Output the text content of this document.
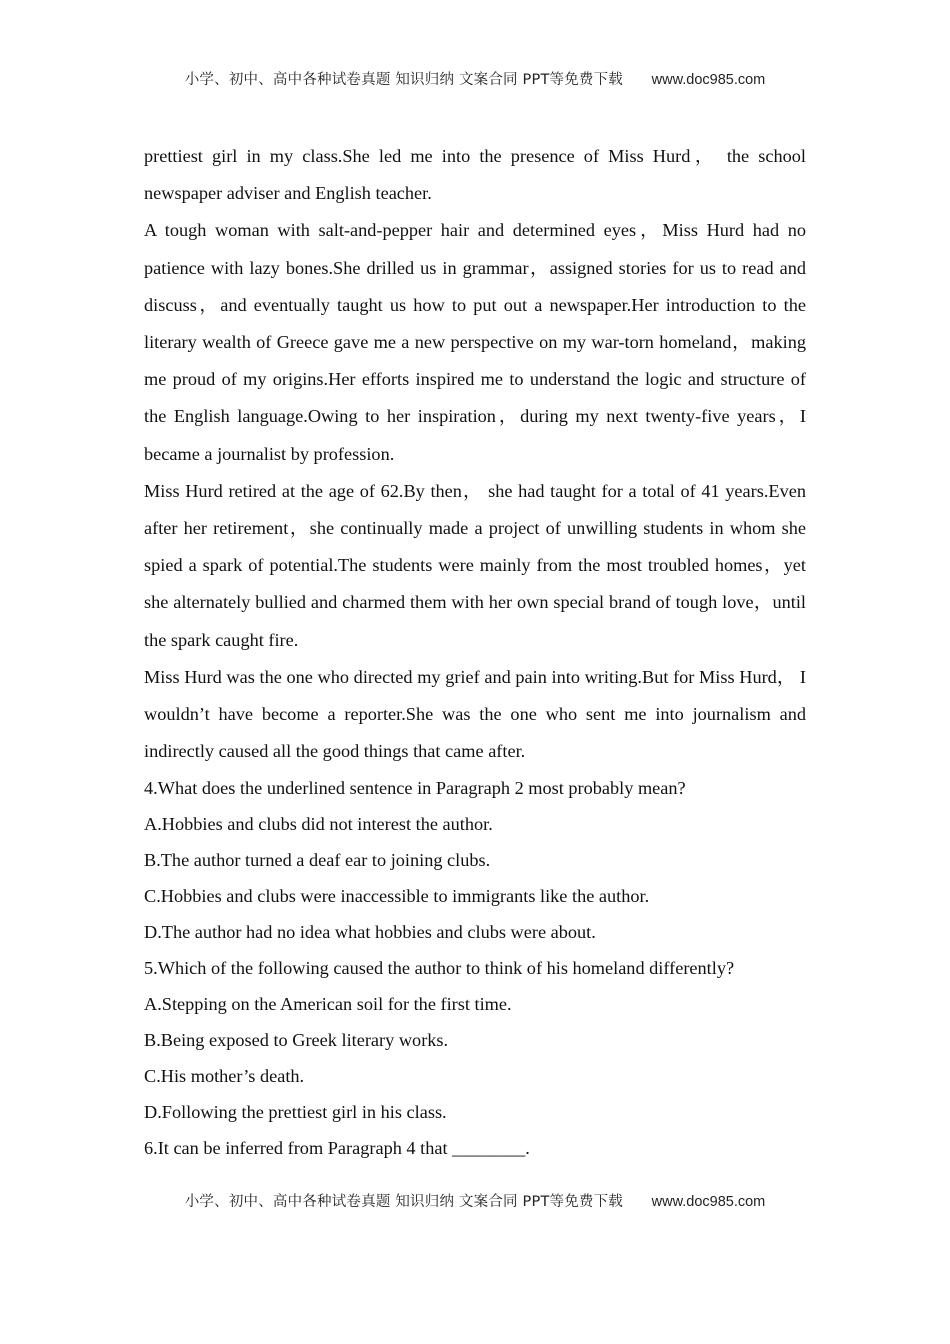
小学、初中、高中各种试卷真题 知识归纳 文案合同 PPT等免费下载 www.doc985.com

prettiest girl in my class.She led me into the presence of Miss Hurd， the school newspaper adviser and English teacher.

A tough woman with salt-and-pepper hair and determined eyes，Miss Hurd had no patience with lazy bones.She drilled us in grammar，assigned stories for us to read and discuss，and eventually taught us how to put out a newspaper.Her introduction to the literary wealth of Greece gave me a new perspective on my war-torn homeland，making me proud of my origins.Her efforts inspired me to understand the logic and structure of the English language.Owing to her inspiration，during my next twenty-five years，I became a journalist by profession.

Miss Hurd retired at the age of 62.By then， she had taught for a total of 41 years.Even after her retirement，she continually made a project of unwilling students in whom she spied a spark of potential.The students were mainly from the most troubled homes，yet she alternately bullied and charmed them with her own special brand of tough love，until the spark caught fire.

Miss Hurd was the one who directed my grief and pain into writing.But for Miss Hurd， I wouldn’t have become a reporter.She was the one who sent me into journalism and indirectly caused all the good things that came after.

4.What does the underlined sentence in Paragraph 2 most probably mean?

A.Hobbies and clubs did not interest the author.

B.The author turned a deaf ear to joining clubs.

C.Hobbies and clubs were inaccessible to immigrants like the author.

D.The author had no idea what hobbies and clubs were about.

5.Which of the following caused the author to think of his homeland differently?

A.Stepping on the American soil for the first time.

B.Being exposed to Greek literary works.

C.His mother’s death.

D.Following the prettiest girl in his class.

6.It can be inferred from Paragraph 4 that ________.

小学、初中、高中各种试卷真题 知识归纳 文案合同 PPT等免费下载 www.doc985.com
